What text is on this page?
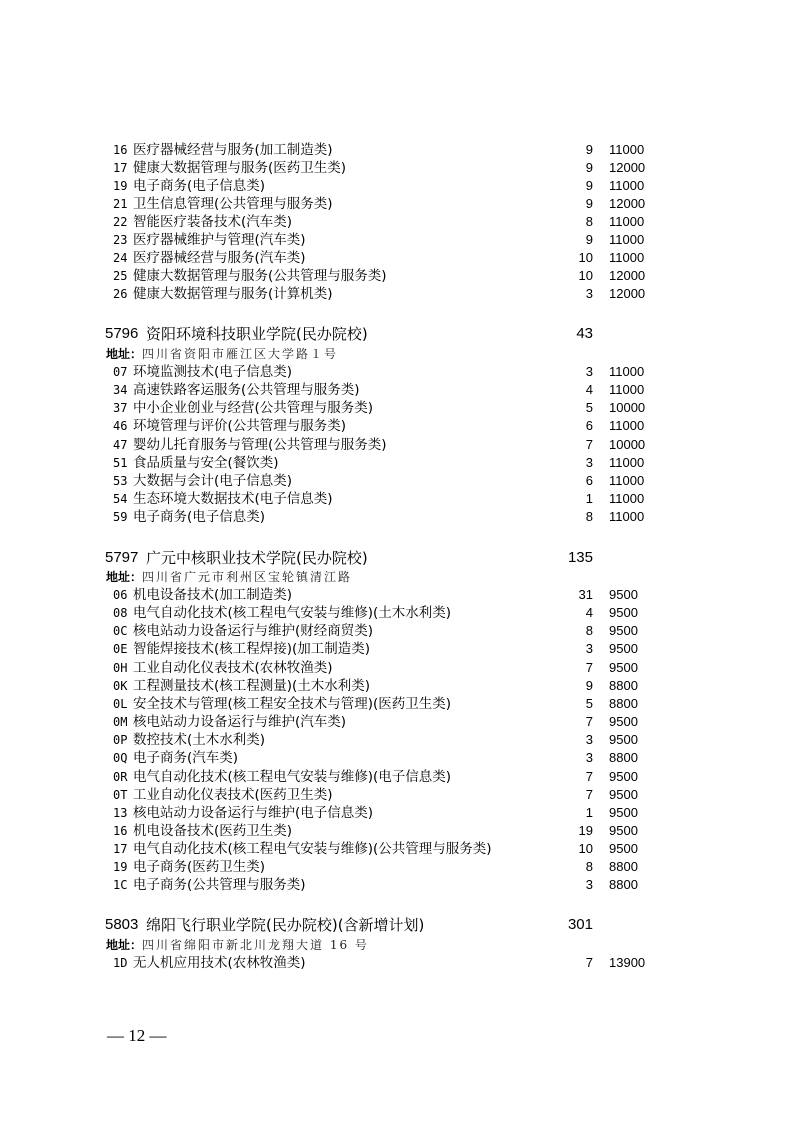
16 医疗器械经营与服务(加工制造类)	9 11000
17 健康大数据管理与服务(医药卫生类)	9 12000
19 电子商务(电子信息类)	9 11000
21 卫生信息管理(公共管理与服务类)	9 12000
22 智能医疗装备技术(汽车类)	8 11000
23 医疗器械维护与管理(汽车类)	9 11000
24 医疗器械经营与服务(汽车类)	10 11000
25 健康大数据管理与服务(公共管理与服务类)	10 12000
26 健康大数据管理与服务(计算机类)	3 12000
5796 资阳环境科技职业学院(民办院校)	43
地址：四川省资阳市雁江区大学路１号
07 环境监测技术(电子信息类)	3 11000
34 高速铁路客运服务(公共管理与服务类)	4 11000
37 中小企业创业与经营(公共管理与服务类)	5 10000
46 环境管理与评价(公共管理与服务类)	6 11000
47 婴幼儿托育服务与管理(公共管理与服务类)	7 10000
51 食品质量与安全(餐饮类)	3 11000
53 大数据与会计(电子信息类)	6 11000
54 生态环境大数据技术(电子信息类)	1 11000
59 电子商务(电子信息类)	8 11000
5797 广元中核职业技术学院(民办院校)	135
地址：四川省广元市利州区宝轮镇清江路
06 机电设备技术(加工制造类)	31 9500
08 电气自动化技术(核工程电气安装与维修)(土木水利类)	4 9500
0C 核电站动力设备运行与维护(财经商贸类)	8 9500
0E 智能焊接技术(核工程焊接)(加工制造类)	3 9500
0H 工业自动化仪表技术(农林牧渔类)	7 9500
0K 工程测量技术(核工程测量)(土木水利类)	9 8800
0L 安全技术与管理(核工程安全技术与管理)(医药卫生类)	5 8800
0M 核电站动力设备运行与维护(汽车类)	7 9500
0P 数控技术(土木水利类)	3 9500
0Q 电子商务(汽车类)	3 8800
0R 电气自动化技术(核工程电气安装与维修)(电子信息类)	7 9500
0T 工业自动化仪表技术(医药卫生类)	7 9500
13 核电站动力设备运行与维护(电子信息类)	1 9500
16 机电设备技术(医药卫生类)	19 9500
17 电气自动化技术(核工程电气安装与维修)(公共管理与服务类)	10 9500
19 电子商务(医药卫生类)	8 8800
1C 电子商务(公共管理与服务类)	3 8800
5803 绵阳飞行职业学院(民办院校)(含新增计划)	301
地址：四川省绵阳市新北川龙翔大道 16 号
1D 无人机应用技术(农林牧渔类)	7 13900
— 12 —
